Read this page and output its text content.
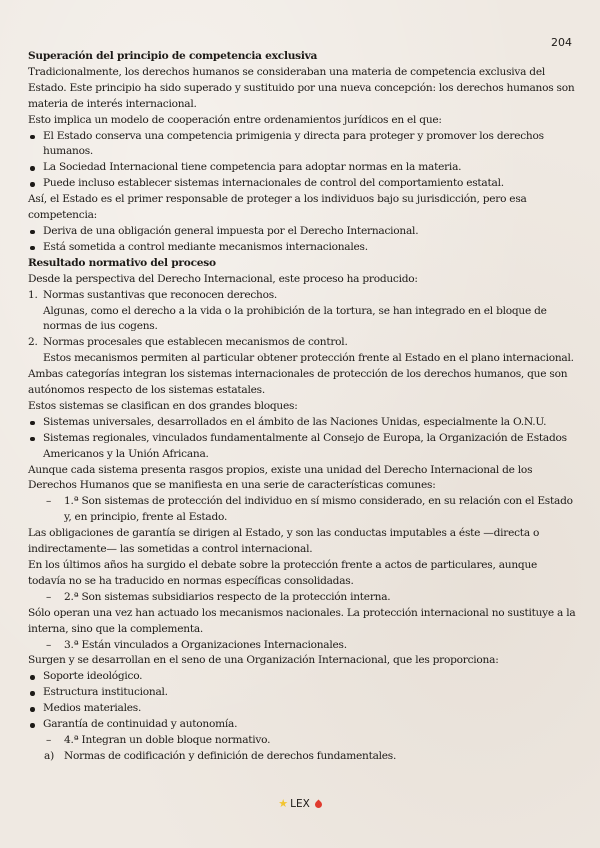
204

Superación del principio de competencia exclusiva

Tradicionalmente, los derechos humanos se consideraban una materia de competencia exclusiva del Estado. Este principio ha sido superado y sustituido por una nueva concepción: los derechos humanos son materia de interés internacional.

Esto implica un modelo de cooperación entre ordenamientos jurídicos en el que:

El Estado conserva una competencia primigenia y directa para proteger y promover los derechos humanos.
La Sociedad Internacional tiene competencia para adoptar normas en la materia.
Puede incluso establecer sistemas internacionales de control del comportamiento estatal.

Así, el Estado es el primer responsable de proteger a los individuos bajo su jurisdicción, pero esa competencia:

Deriva de una obligación general impuesta por el Derecho Internacional.
Está sometida a control mediante mecanismos internacionales.

Resultado normativo del proceso

Desde la perspectiva del Derecho Internacional, este proceso ha producido:

1. Normas sustantivas que reconocen derechos.
Algunas, como el derecho a la vida o la prohibición de la tortura, se han integrado en el bloque de normas de ius cogens.
2. Normas procesales que establecen mecanismos de control.
Estos mecanismos permiten al particular obtener protección frente al Estado en el plano internacional.

Ambas categorías integran los sistemas internacionales de protección de los derechos humanos, que son autónomos respecto de los sistemas estatales.

Estos sistemas se clasifican en dos grandes bloques:

Sistemas universales, desarrollados en el ámbito de las Naciones Unidas, especialmente la O.N.U.
Sistemas regionales, vinculados fundamentalmente al Consejo de Europa, la Organización de Estados Americanos y la Unión Africana.

Aunque cada sistema presenta rasgos propios, existe una unidad del Derecho Internacional de los Derechos Humanos que se manifiesta en una serie de características comunes:

– 1.ª Son sistemas de protección del individuo en sí mismo considerado, en su relación con el Estado y, en principio, frente al Estado.

Las obligaciones de garantía se dirigen al Estado, y son las conductas imputables a éste —directa o indirectamente— las sometidas a control internacional.

En los últimos años ha surgido el debate sobre la protección frente a actos de particulares, aunque todavía no se ha traducido en normas específicas consolidadas.

– 2.ª Son sistemas subsidiarios respecto de la protección interna.

Sólo operan una vez han actuado los mecanismos nacionales. La protección internacional no sustituye a la interna, sino que la complementa.

– 3.ª Están vinculados a Organizaciones Internacionales.

Surgen y se desarrollan en el seno de una Organización Internacional, que les proporciona:

Soporte ideológico.
Estructura institucional.
Medios materiales.
Garantía de continuidad y autonomía.
– 4.ª Integran un doble bloque normativo.
a) Normas de codificación y definición de derechos fundamentales.
★ LEX
